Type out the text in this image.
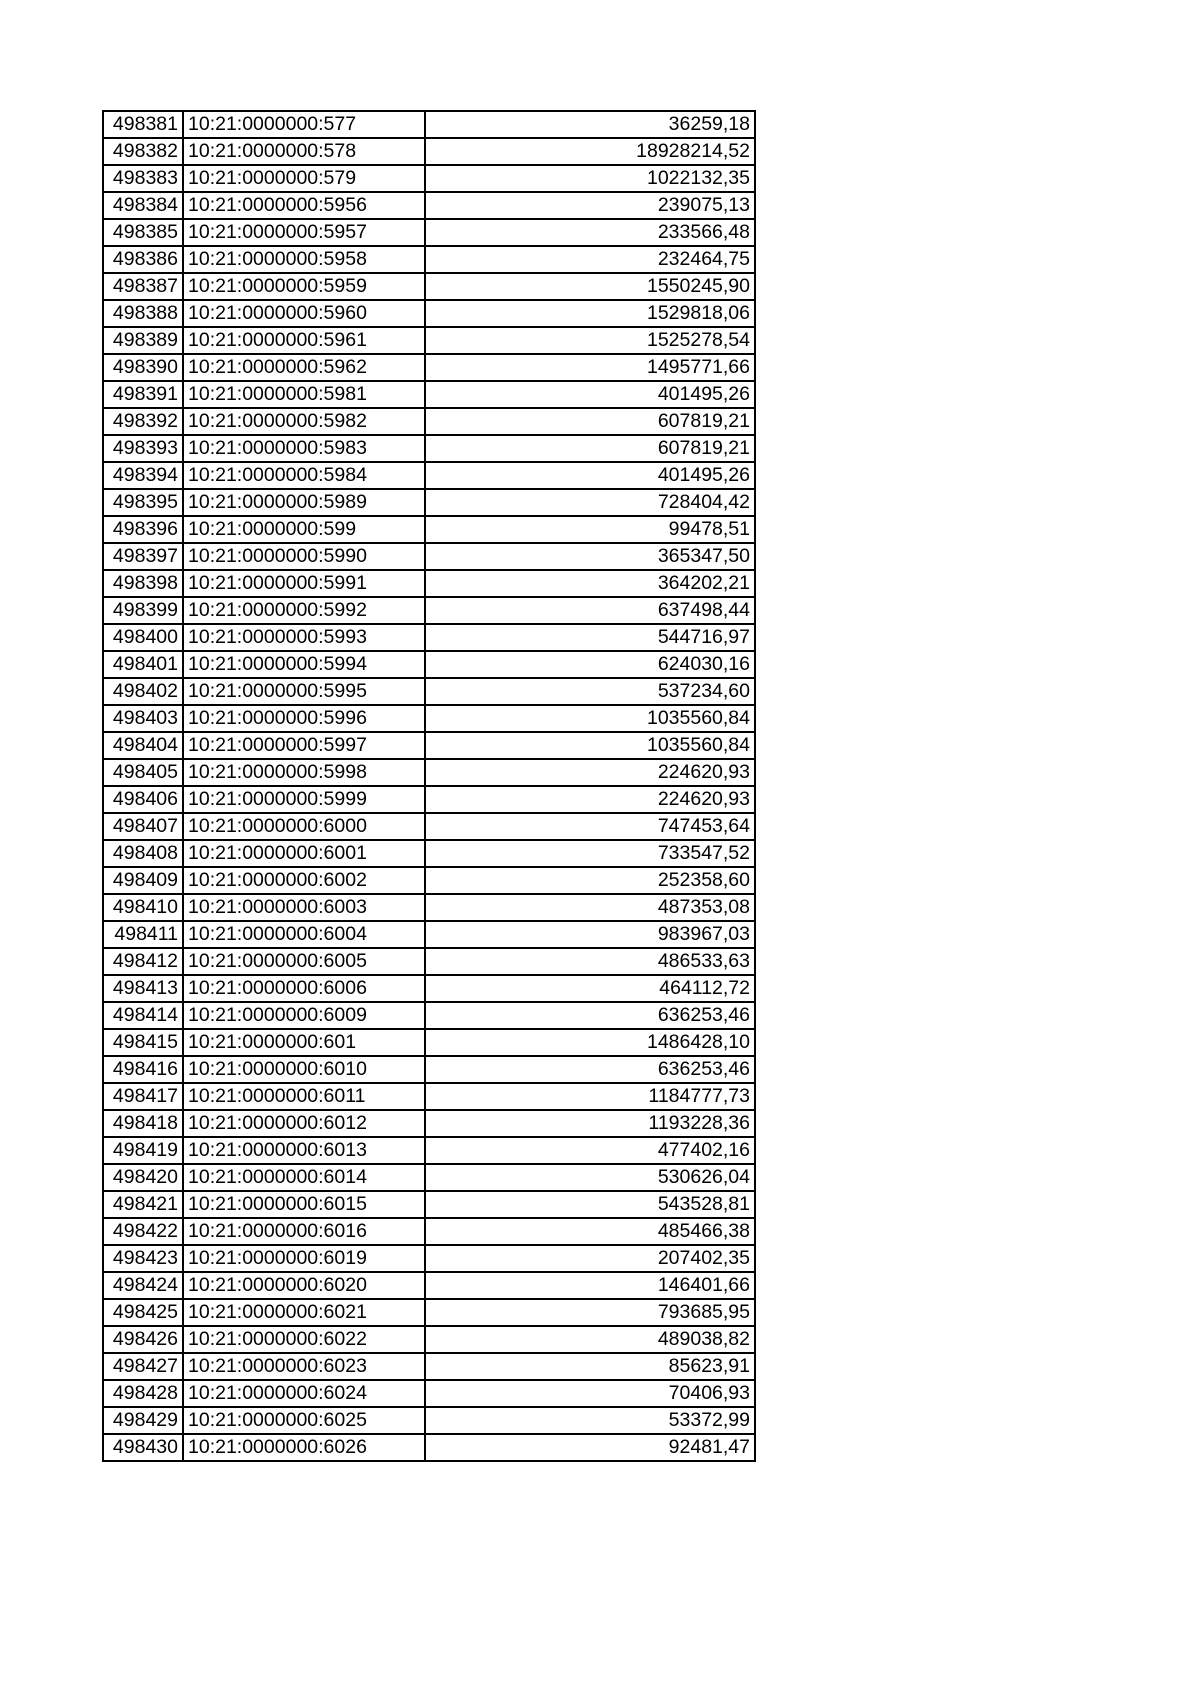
498381	10:21:0000000:577	36259,18
498382	10:21:0000000:578	18928214,52
498383	10:21:0000000:579	1022132,35
498384	10:21:0000000:5956	239075,13
498385	10:21:0000000:5957	233566,48
498386	10:21:0000000:5958	232464,75
498387	10:21:0000000:5959	1550245,90
498388	10:21:0000000:5960	1529818,06
498389	10:21:0000000:5961	1525278,54
498390	10:21:0000000:5962	1495771,66
498391	10:21:0000000:5981	401495,26
498392	10:21:0000000:5982	607819,21
498393	10:21:0000000:5983	607819,21
498394	10:21:0000000:5984	401495,26
498395	10:21:0000000:5989	728404,42
498396	10:21:0000000:599	99478,51
498397	10:21:0000000:5990	365347,50
498398	10:21:0000000:5991	364202,21
498399	10:21:0000000:5992	637498,44
498400	10:21:0000000:5993	544716,97
498401	10:21:0000000:5994	624030,16
498402	10:21:0000000:5995	537234,60
498403	10:21:0000000:5996	1035560,84
498404	10:21:0000000:5997	1035560,84
498405	10:21:0000000:5998	224620,93
498406	10:21:0000000:5999	224620,93
498407	10:21:0000000:6000	747453,64
498408	10:21:0000000:6001	733547,52
498409	10:21:0000000:6002	252358,60
498410	10:21:0000000:6003	487353,08
498411	10:21:0000000:6004	983967,03
498412	10:21:0000000:6005	486533,63
498413	10:21:0000000:6006	464112,72
498414	10:21:0000000:6009	636253,46
498415	10:21:0000000:601	1486428,10
498416	10:21:0000000:6010	636253,46
498417	10:21:0000000:6011	1184777,73
498418	10:21:0000000:6012	1193228,36
498419	10:21:0000000:6013	477402,16
498420	10:21:0000000:6014	530626,04
498421	10:21:0000000:6015	543528,81
498422	10:21:0000000:6016	485466,38
498423	10:21:0000000:6019	207402,35
498424	10:21:0000000:6020	146401,66
498425	10:21:0000000:6021	793685,95
498426	10:21:0000000:6022	489038,82
498427	10:21:0000000:6023	85623,91
498428	10:21:0000000:6024	70406,93
498429	10:21:0000000:6025	53372,99
498430	10:21:0000000:6026	92481,47
